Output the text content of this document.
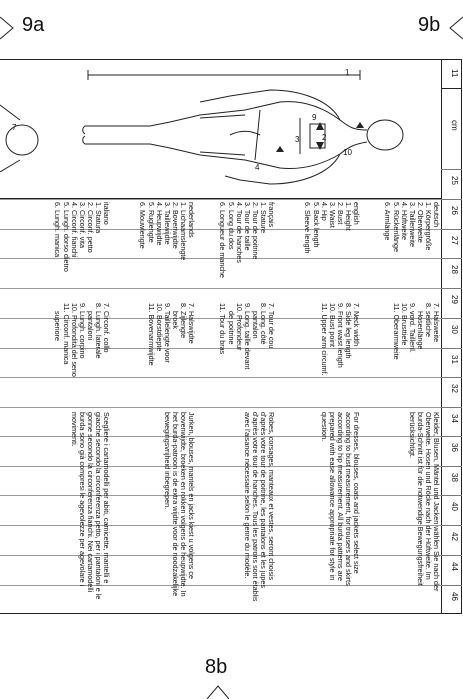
9a	9b
8b
cm
11
25
26
27
28
29
30
31
32
34
36
38
40
42
44
46
1
9
2
3
4
10
7
deutsch
1. Körpergröße
2. Oberweite
3. Taillenweite
4. Hüftweite
5. Rückenlänge
6. Armlänge
7. Halsweite
8. seitliche
Hosenlänge
9. vord. Taillenl.
10. Brusttiefe
11. Oberarmweite
Kleider, Blusen, Mäntel und Jacken wählen Sie nach der Oberweite. Hosen und Röcke nach der Hüftweite. Im burda-Schnitt ist für die notwendige Bewegungsfreiheit berücksichtigt.
english
1. Height
2. Bust
3. Waist
4. Hip
5. Back length
6. Sleeve length
7. Neck width
8. Side leg length
9. Front waist length
10. Bust point
11. Upper arm circumf.
For dresses, blouses, coats and jackets select size according to bust measurement, for trousers and skirts according to hip measurement. All burda patterns are prepared with ease allowance appropriate for style in question.
français
1. Stature
2. Tour de poitrine
3. Tour de taille
4. Tour de hanches
5. Long du dos
6. Longueur de manche
7. Tour de cou
8. Long. côté
pantalon
9. Long. taille devant
10. Profondeur
de poitrine
11. Tour du bras
Robes, corsages, manteaux et vestes, seront choisis d'après votre tour de poitrine, les pantalons et les jupes d'après votre tour de hanches. Tous les patrons sont établis avec l'aisance nécessaire selon le genre du modèle.
nederlands
1. Lichaamslengte
2. Bovenwijdte
3. Taillewijdte
4. Heupwijdte
5. Ruglengte
6. Mouwlengte
7. Halswijdte
8. Zijlengte
broek
9. Taillelengte voor
10. Borstdiepte
11. Bovenarmwijdte
Jurken, blouses, mantels en jacks kiest u volgens ce bovenwijdte, broeken en rokken volgens de heupwijdte. In het burda-patroon is de extra wijdte voor de noodzakelijke bewegingsvrijheid inbegrepen.
italiano
1. Statura
2. Circonf. petto
3. Circonf. vita
4. Circonf. fianchi
5. Lungh. dorso dietro
6. Lungh. manica
7. Circonf. collo
8. Lungh. laterale
pantaloni
9. Lungh. corpino
10. Profondità del seno
11. Circonf. manica
superiore
Scegliere i cartamodelli per abiti, camicette, mantelli e giacche secondo la circonferenza petto, per i pantaloni e le gonne secondo la circonferenza fianchi. Nei cartamodelli burda sono già compresi le agevolezze per agevolare i movimenti.
